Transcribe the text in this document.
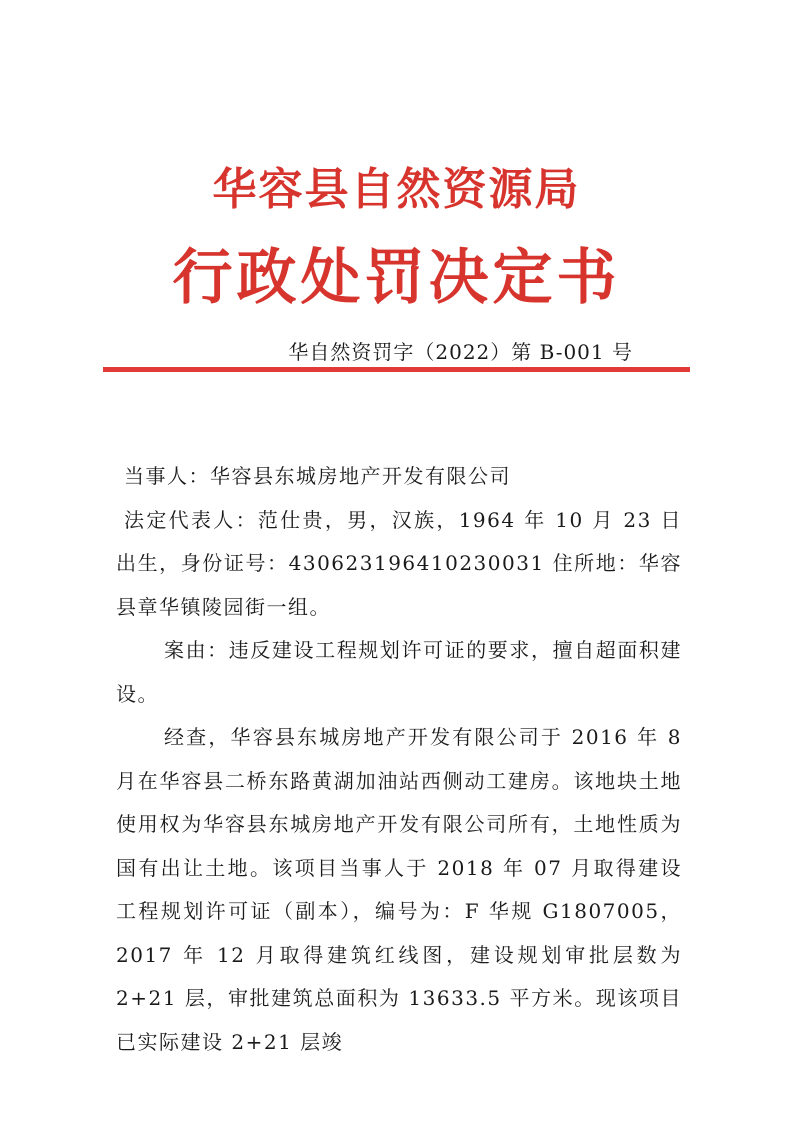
华容县自然资源局
行政处罚决定书
华自然资罚字（2022）第 B-001 号

当事人：华容县东城房地产开发有限公司

法定代表人：范仕贵，男，汉族，1964 年 10 月 23 日出生，身份证号：430623196410230031 住所地：华容县章华镇陵园街一组。

案由：违反建设工程规划许可证的要求，擅自超面积建设。

经查，华容县东城房地产开发有限公司于 2016 年 8 月在华容县二桥东路黄湖加油站西侧动工建房。该地块土地使用权为华容县东城房地产开发有限公司所有，土地性质为国有出让土地。该项目当事人于 2018 年 07 月取得建设工程规划许可证（副本），编号为：F 华规 G1807005，2017 年 12 月取得建筑红线图，建设规划审批层数为 2+21 层，审批建筑总面积为 13633.5 平方米。现该项目已实际建设 2+21 层竣
